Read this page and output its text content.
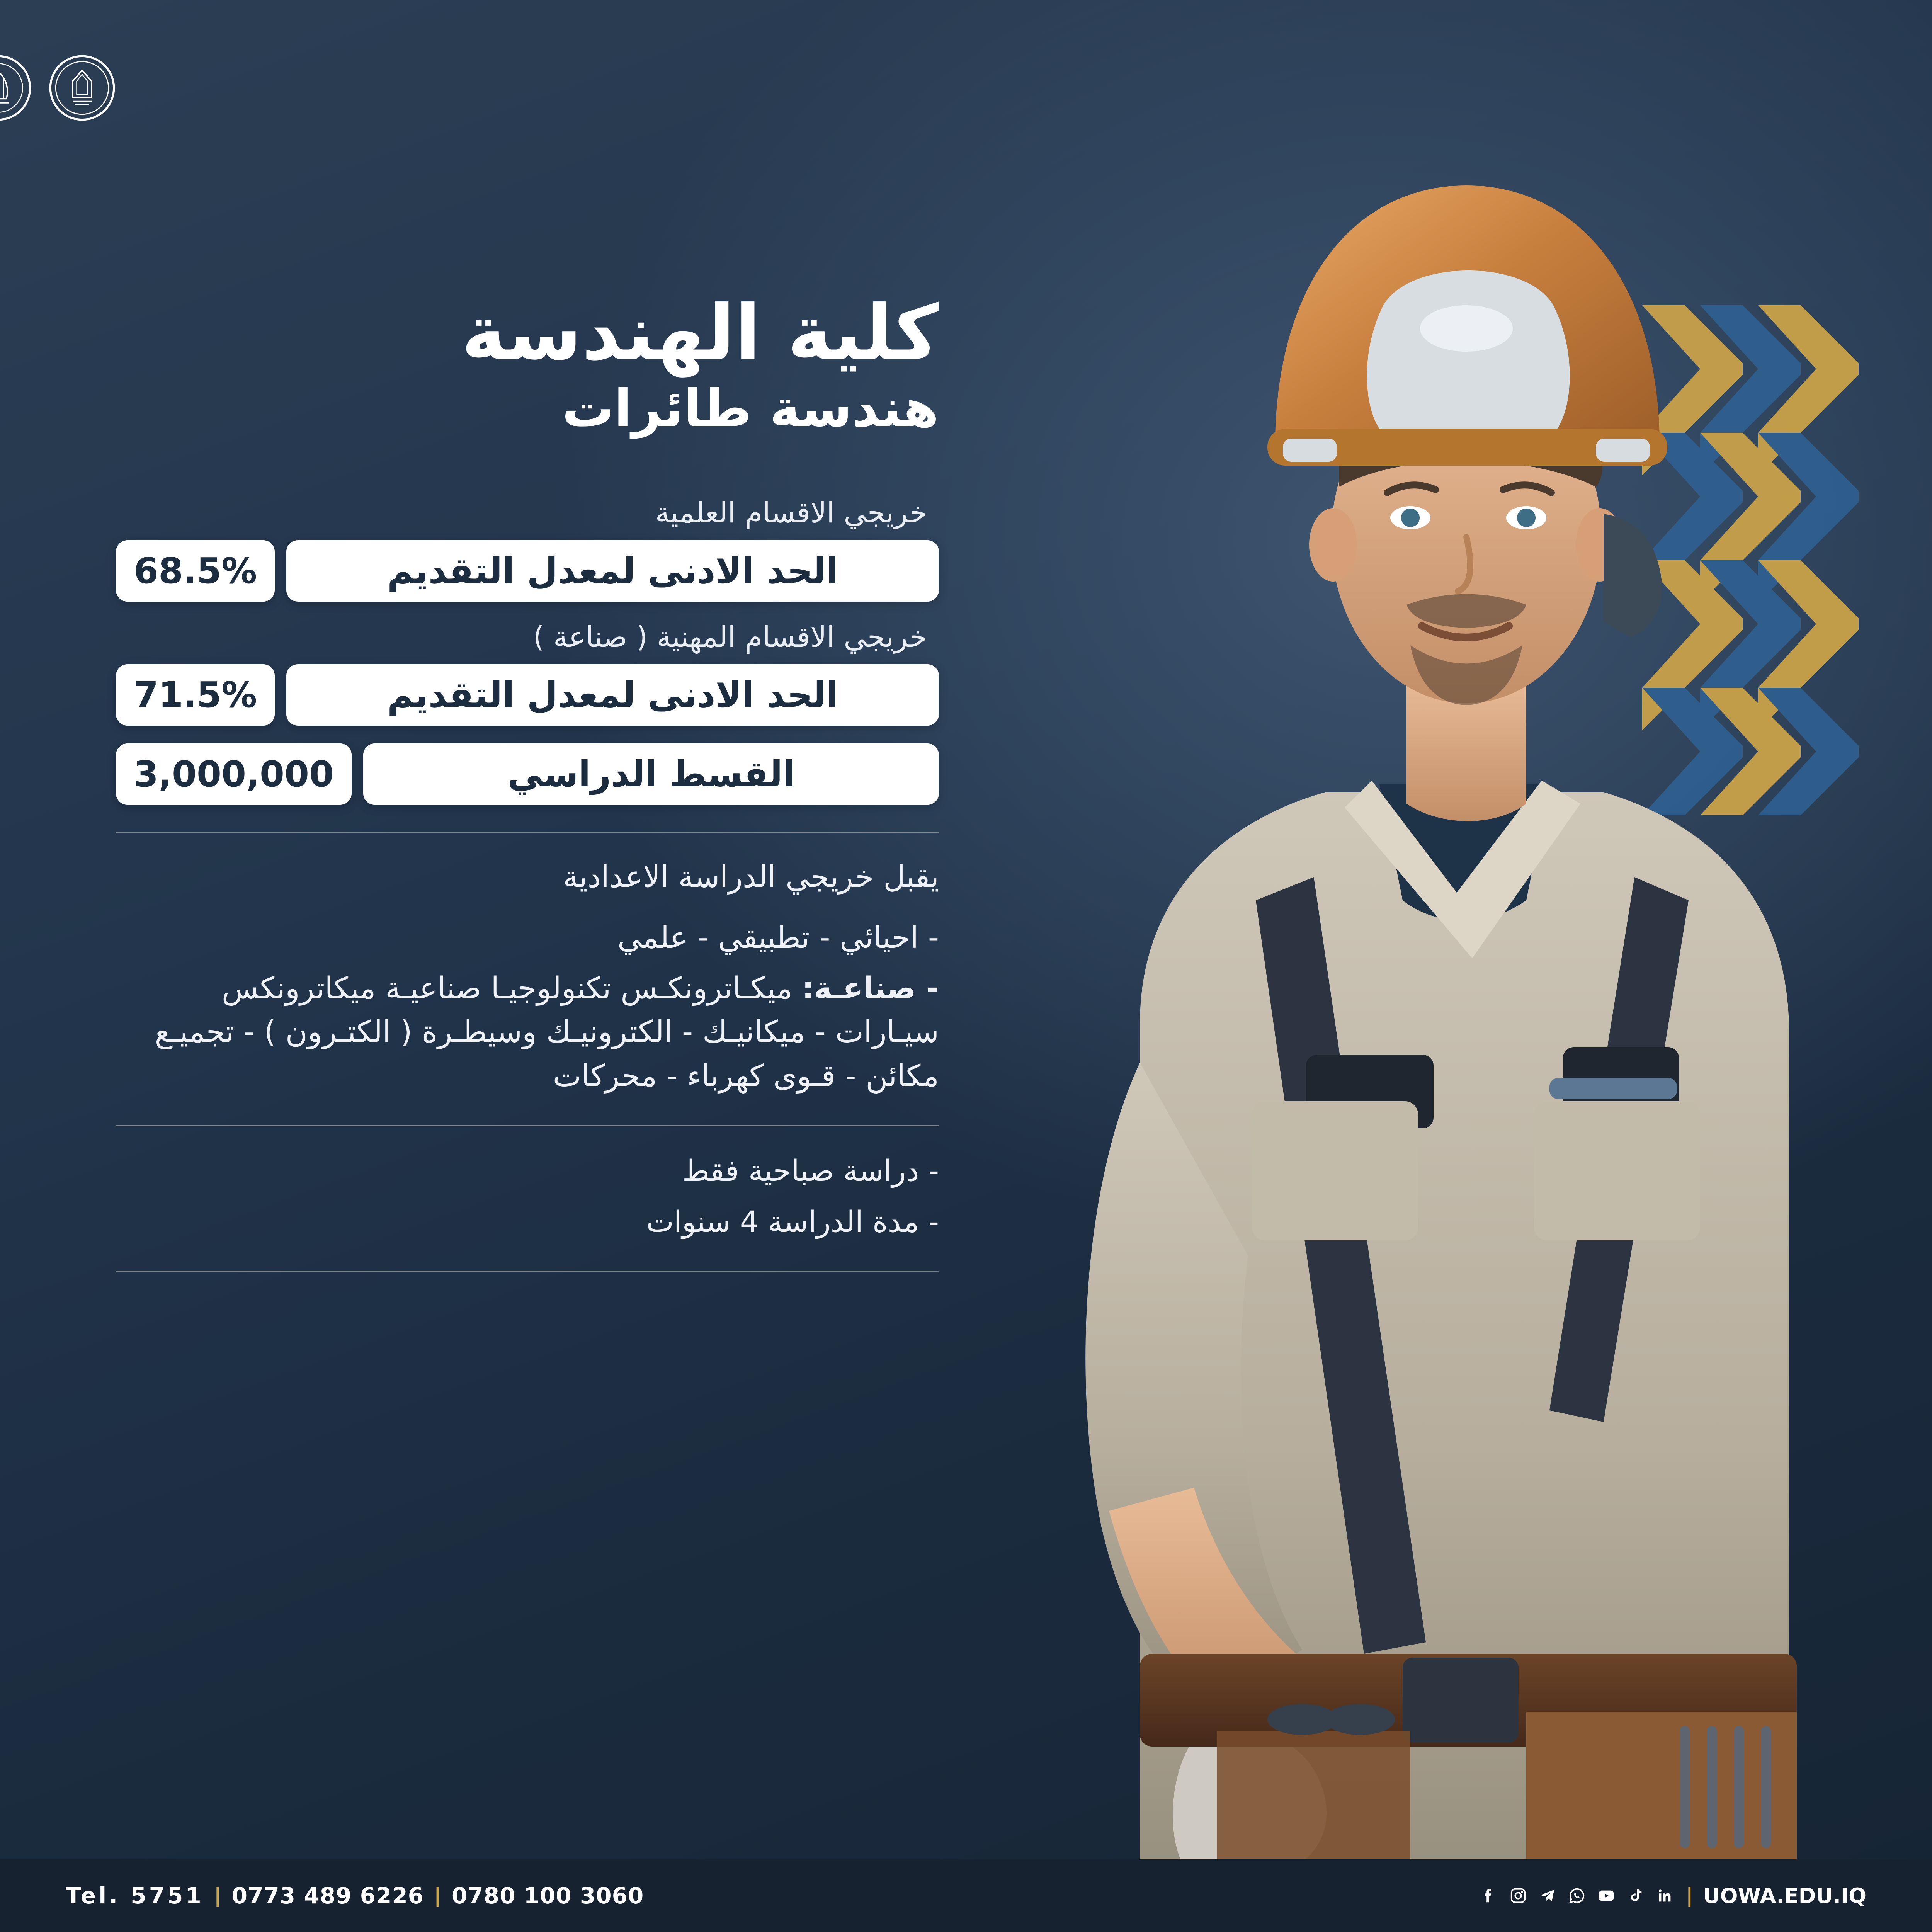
كلية الهندسة
هندسة طائرات
خريجي الاقسام العلمية
الحد الادنى لمعدل التقديم
68.5%
خريجي الاقسام المهنية ( صناعة )
الحد الادنى لمعدل التقديم
71.5%
القسط الدراسي
3,000,000

يقبل خريجي الدراسة الاعدادية

- احيائي - تطبيقي - علمي

- صناعـة: ميكـاترونكـس تكنولوجيـا صناعيـة ميكاترونكس سيـارات - ميكانيـك - الكترونيـك وسيطـرة ( الكتـرون ) - تجميـع مكائن - قـوى كهرباء - محركات

- دراسة صباحية فقط

- مدة الدراسة 4 سنوات

Tel. 5751 | 0773 489 6226 | 0780 100 3060	| UOWA.EDU.IQ
